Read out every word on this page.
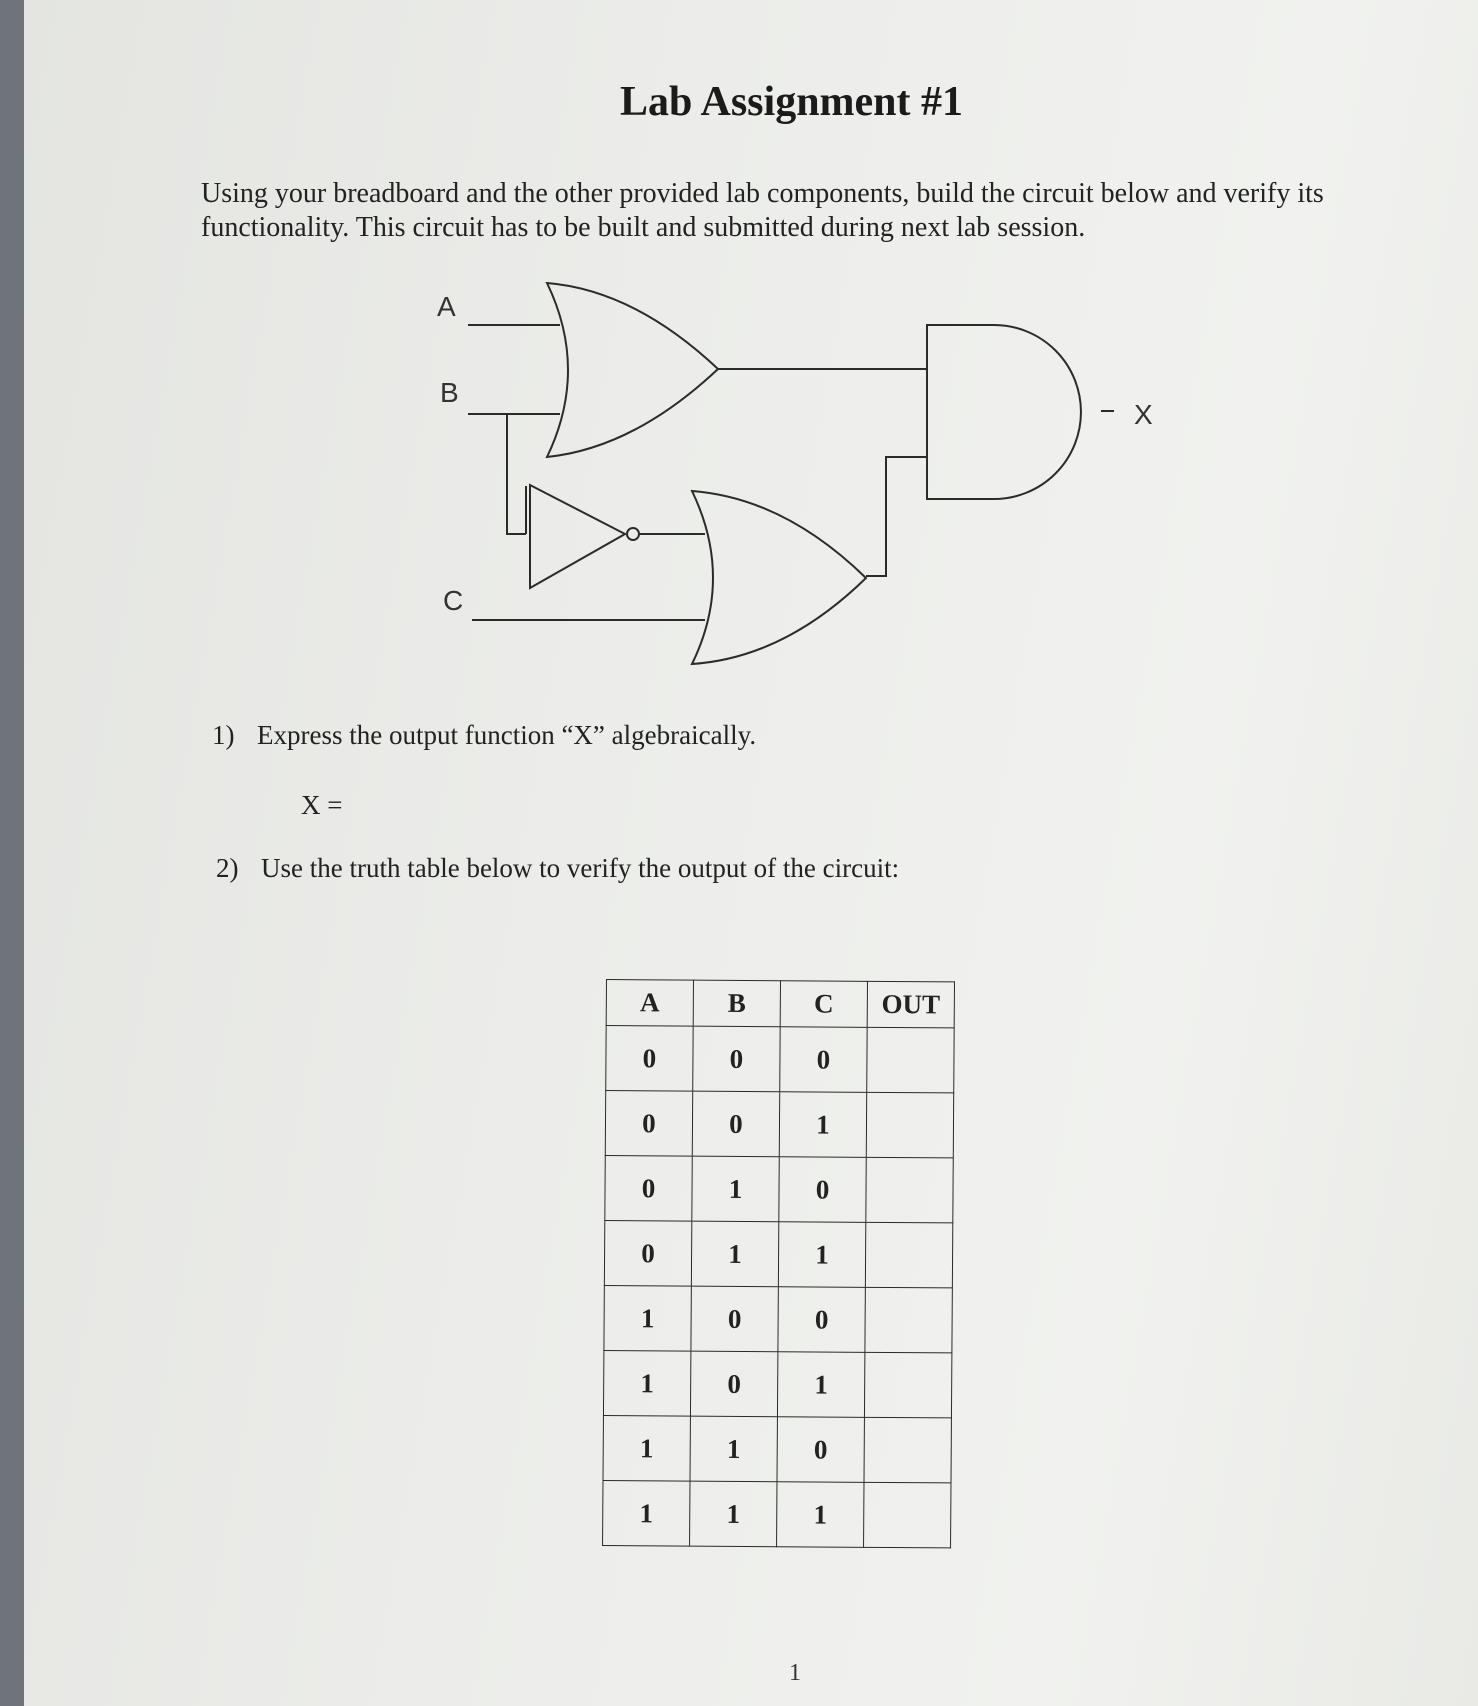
Lab Assignment #1

Using your breadboard and the other provided lab components, build the circuit below and verify its functionality. This circuit has to be built and submitted during next lab session.

A
B
C
X

1) Express the output function “X” algebraically.

X =

2) Use the truth table below to verify the output of the circuit:

A	B	C	OUT
0	0	0	
0	0	1	
0	1	0	
0	1	1	
1	0	0	
1	0	1	
1	1	0	
1	1	1	
1
